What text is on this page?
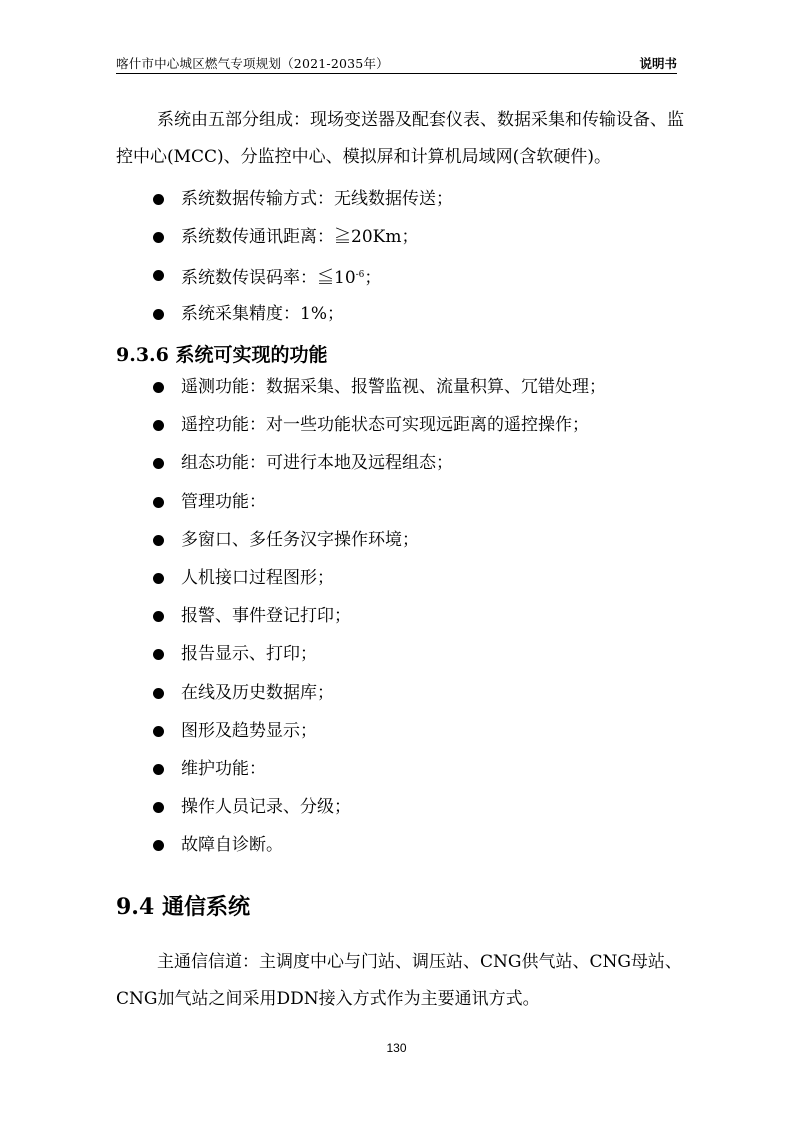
喀什市中心城区燃气专项规划（2021-2035年）	说明书

系统由五部分组成：现场变送器及配套仪表、数据采集和传输设备、监控中心(MCC)、分监控中心、模拟屏和计算机局域网(含软硬件)。

系统数据传输方式：无线数据传送；
系统数传通讯距离：≧20Km；
系统数传误码率：$≦10^{-6}$；
系统采集精度：1%；
9.3.6 系统可实现的功能
遥测功能：数据采集、报警监视、流量积算、冗错处理；
遥控功能：对一些功能状态可实现远距离的遥控操作；
组态功能：可进行本地及远程组态；
管理功能：
多窗口、多任务汉字操作环境；
人机接口过程图形；
报警、事件登记打印；
报告显示、打印；
在线及历史数据库；
图形及趋势显示；
维护功能：
操作人员记录、分级；
故障自诊断。
9.4 通信系统

主通信信道：主调度中心与门站、调压站、CNG供气站、CNG母站、CNG加气站之间采用DDN接入方式作为主要通讯方式。

130
